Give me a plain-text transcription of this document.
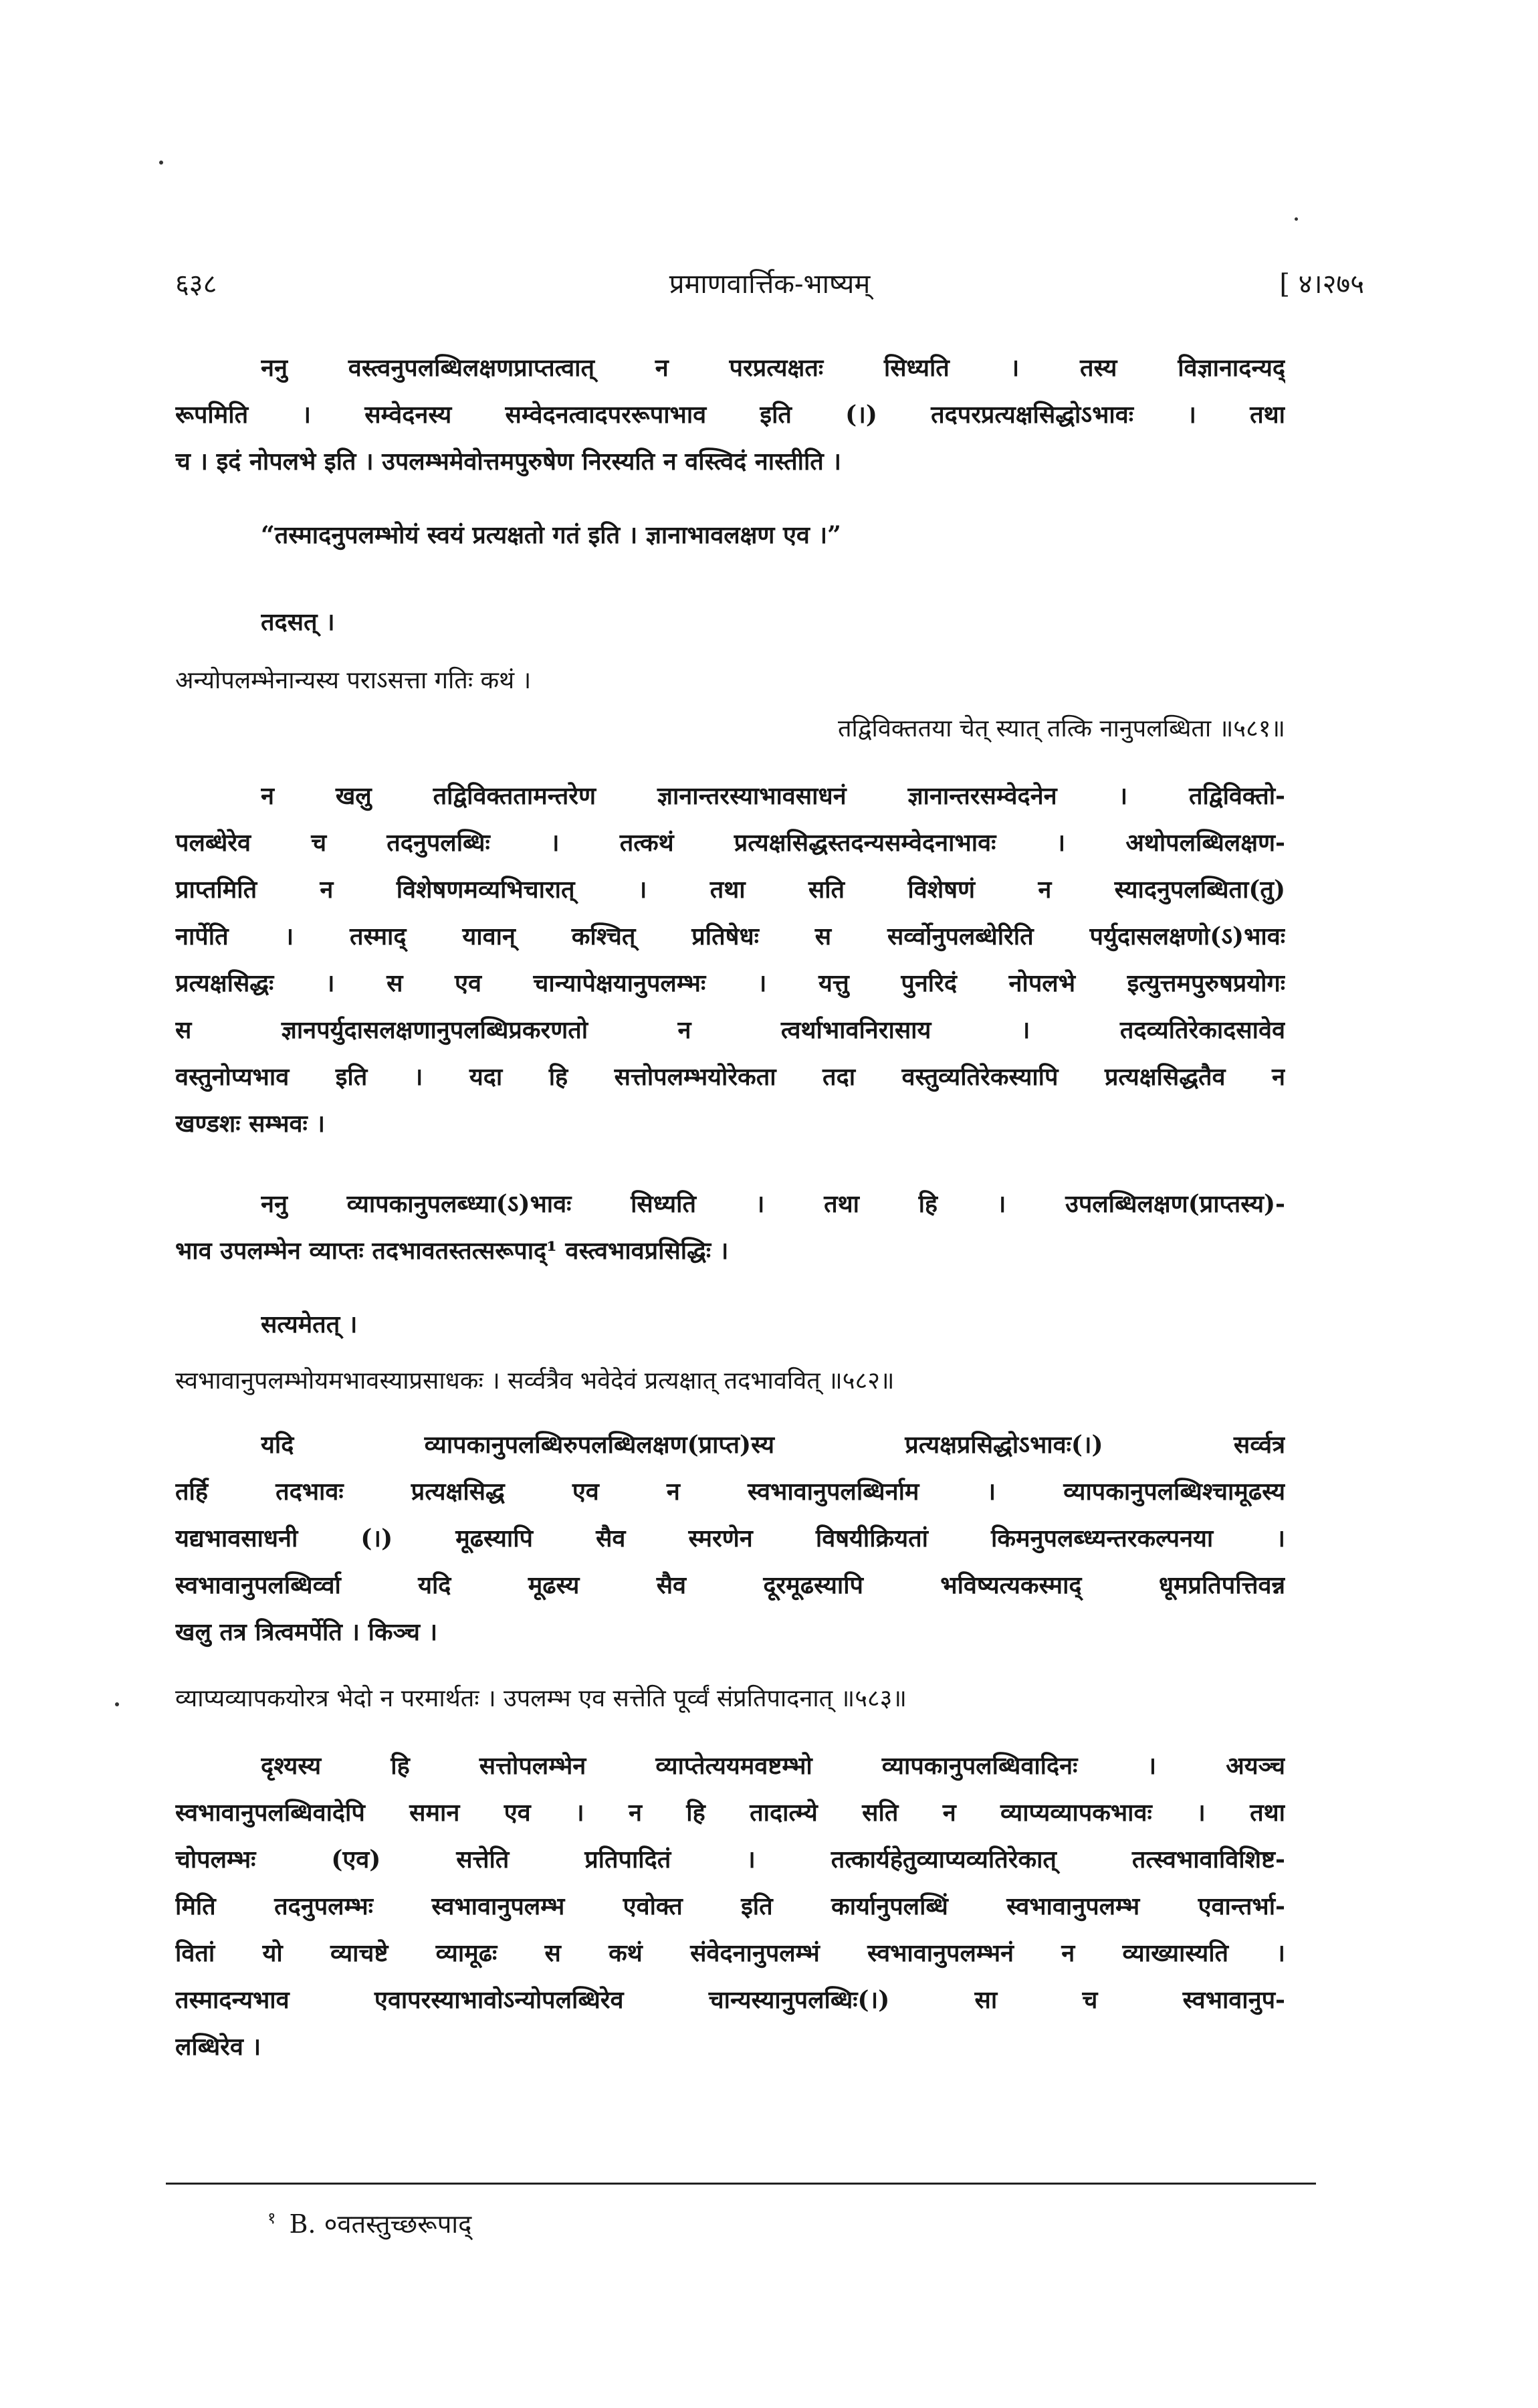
६३८	प्रमाणवार्त्तिक-भाष्यम्	[ ४।२७५
ननु वस्त्वनुपलब्धिलक्षणप्राप्तत्वात् न परप्रत्यक्षतः सिध्यति । तस्य विज्ञानादन्यद्
रूपमिति । सम्वेदनस्य सम्वेदनत्वादपररूपाभाव इति (।) तदपरप्रत्यक्षसिद्धोऽभावः । तथा
च । इदं नोपलभे इति । उपलम्भमेवोत्तमपुरुषेण निरस्यति न वस्त्विदं नास्तीति ।
“तस्मादनुपलम्भोयं स्वयं प्रत्यक्षतो गतं इति । ज्ञानाभावलक्षण एव ।”
तदसत् ।
अन्योपलम्भेनान्यस्य पराऽसत्ता गतिः कथं ।
तद्विविक्ततया चेत् स्यात् तत्कि नानुपलब्धिता ॥५८१॥
न खलु तद्विविक्ततामन्तरेण ज्ञानान्तरस्याभावसाधनं ज्ञानान्तरसम्वेदनेन । तद्विविक्तो-
पलब्धेरेव च तदनुपलब्धिः । तत्कथं प्रत्यक्षसिद्धस्तदन्यसम्वेदनाभावः । अथोपलब्धिलक्षण-
प्राप्तमिति न विशेषणमव्यभिचारात् । तथा सति विशेषणं न स्यादनुपलब्धिता(तु)
नार्पेति । तस्माद् यावान् कश्चित् प्रतिषेधः स सर्व्वोनुपलब्धेरिति पर्युदासलक्षणो(ऽ)भावः
प्रत्यक्षसिद्धः । स एव चान्यापेक्षयानुपलम्भः । यत्तु पुनरिदं नोपलभे इत्युत्तमपुरुषप्रयोगः
स ज्ञानपर्युदासलक्षणानुपलब्धिप्रकरणतो न त्वर्थाभावनिरासाय । तदव्यतिरेकादसावेव
वस्तुनोप्यभाव इति । यदा हि सत्तोपलम्भयोरेकता तदा वस्तुव्यतिरेकस्यापि प्रत्यक्षसिद्धतैव न
खण्डशः सम्भवः ।
ननु व्यापकानुपलब्ध्या(ऽ)भावः सिध्यति । तथा हि । उपलब्धिलक्षण(प्राप्तस्य)-
भाव उपलम्भेन व्याप्तः तदभावतस्तत्सरूपाद्¹ वस्त्वभावप्रसिद्धिः ।
सत्यमेतत् ।
स्वभावानुपलम्भोयमभावस्याप्रसाधकः । सर्व्वत्रैव भवेदेवं प्रत्यक्षात् तदभाववित् ॥५८२॥
यदि व्यापकानुपलब्धिरुपलब्धिलक्षण(प्राप्त)स्य प्रत्यक्षप्रसिद्धोऽभावः(।) सर्व्वत्र
तर्हि तदभावः प्रत्यक्षसिद्ध एव न स्वभावानुपलब्धिर्नाम । व्यापकानुपलब्धिश्चामूढस्य
यद्यभावसाधनी (।) मूढस्यापि सैव स्मरणेन विषयीक्रियतां किमनुपलब्ध्यन्तरकल्पनया ।
स्वभावानुपलब्धिर्व्वा यदि मूढस्य सैव दूरमूढस्यापि भविष्यत्यकस्माद् धूमप्रतिपत्तिवन्न
खलु तत्र त्रित्वमर्पेति । किञ्च ।
व्याप्यव्यापकयोरत्र भेदो न परमार्थतः । उपलम्भ एव सत्तेति पूर्व्वं संप्रतिपादनात् ॥५८३॥
दृश्यस्य हि सत्तोपलम्भेन व्याप्तेत्ययमवष्टम्भो व्यापकानुपलब्धिवादिनः । अयञ्च
स्वभावानुपलब्धिवादेपि समान एव । न हि तादात्म्ये सति न व्याप्यव्यापकभावः । तथा
चोपलम्भः (एव) सत्तेति प्रतिपादितं । तत्कार्यहेतुव्याप्यव्यतिरेकात् तत्स्वभावाविशिष्ट-
मिति तदनुपलम्भः स्वभावानुपलम्भ एवोक्त इति कार्यानुपलब्धिं स्वभावानुपलम्भ एवान्तर्भा-
वितां यो व्याचष्टे व्यामूढः स कथं संवेदनानुपलम्भं स्वभावानुपलम्भनं न व्याख्यास्यति ।
तस्मादन्यभाव एवापरस्याभावोऽन्योपलब्धिरेव चान्यस्यानुपलब्धिः(।) सा च स्वभावानुप-
लब्धिरेव ।
$^१$ B. ०वतस्तुच्छरूपाद्
